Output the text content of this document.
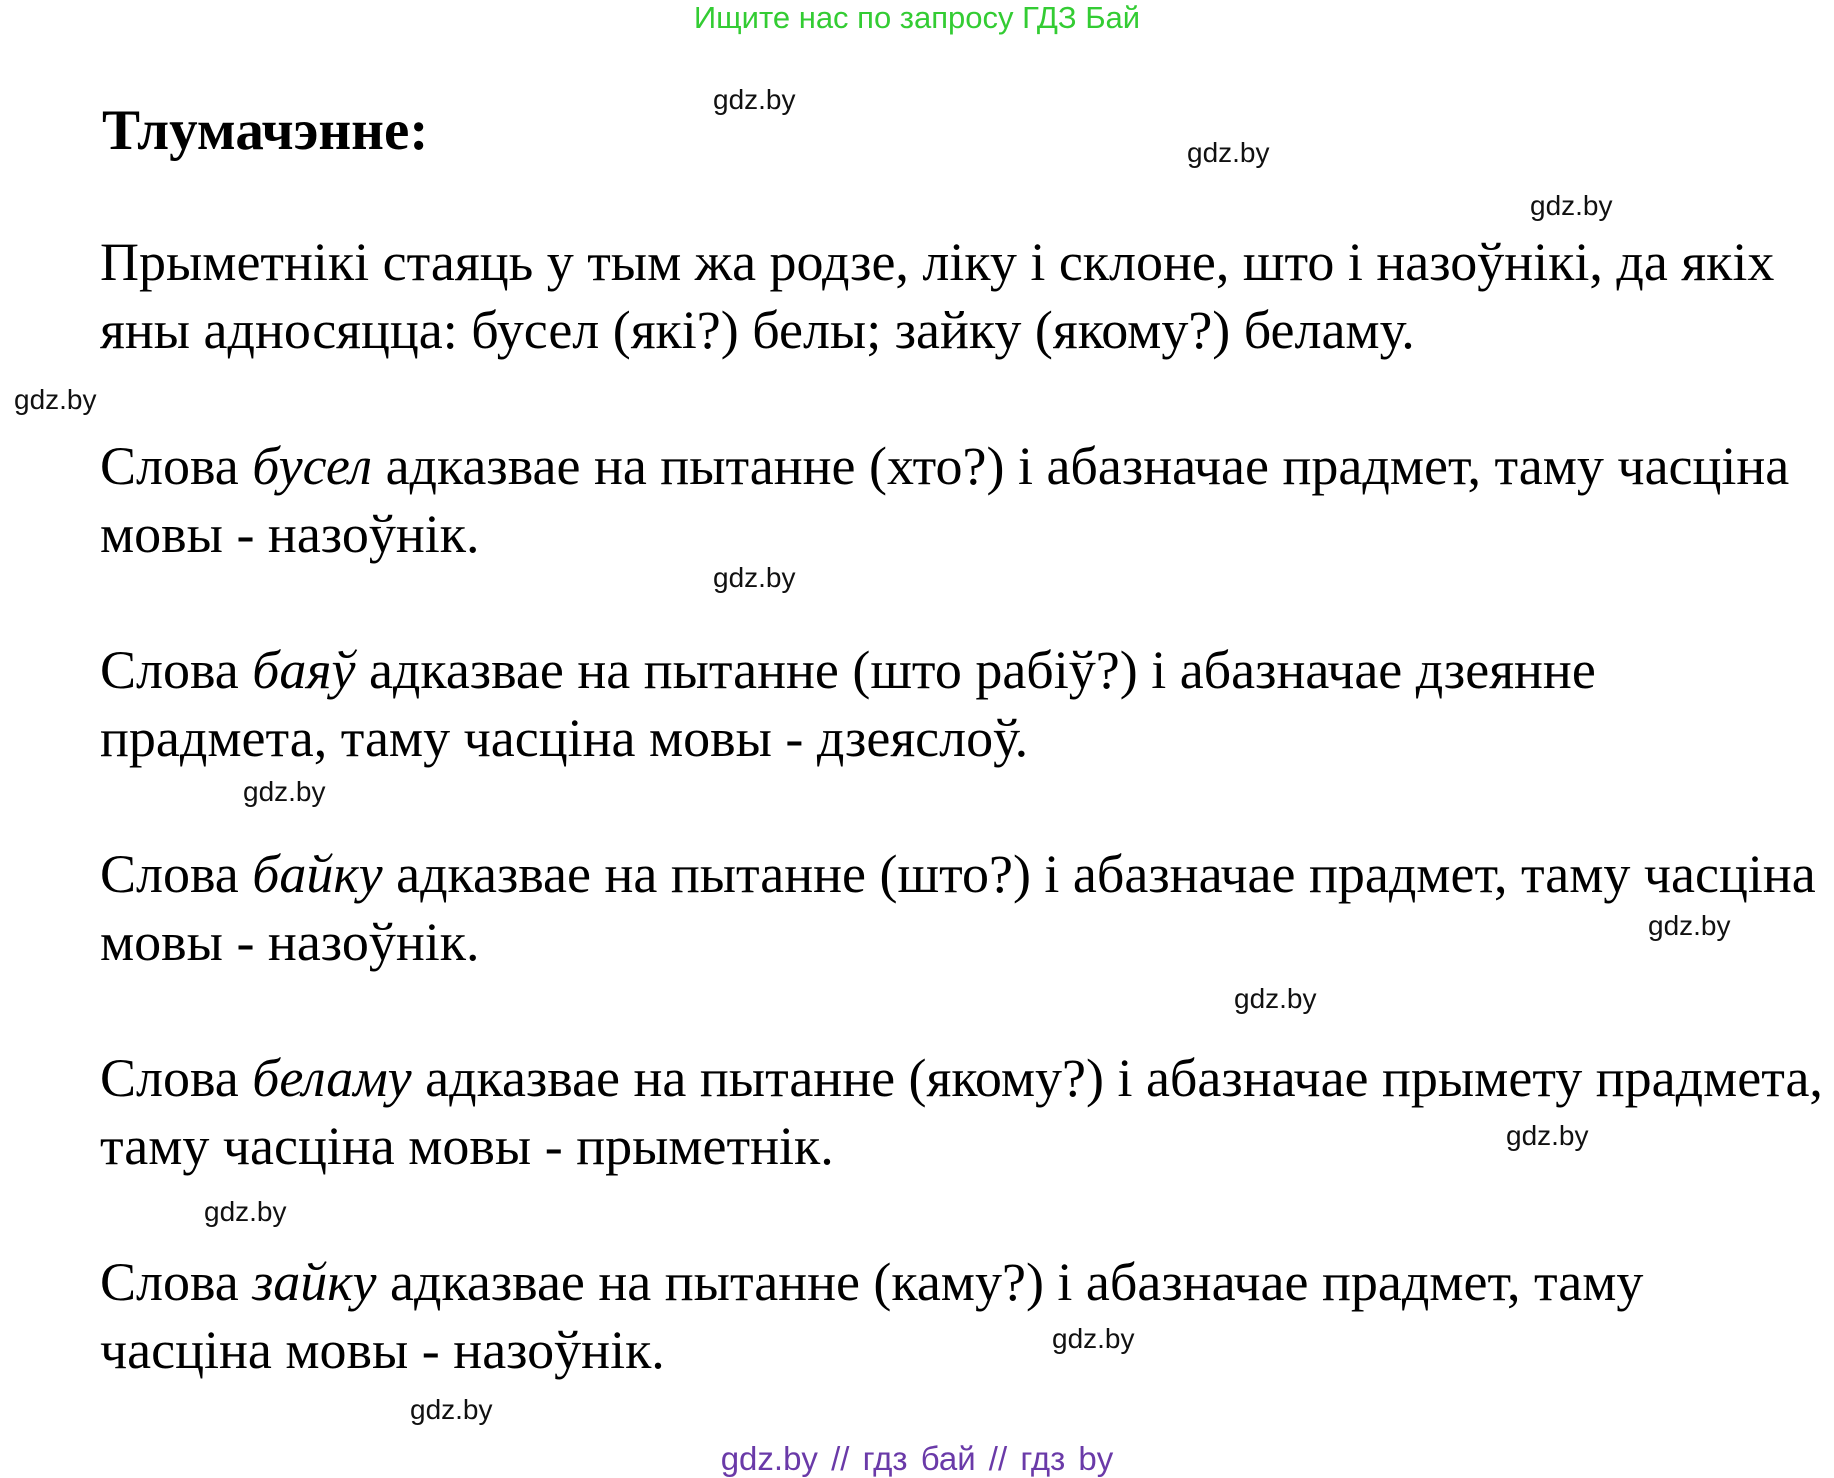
Ищите нас по запросу ГДЗ Бай
Тлумачэнне:

Прыметнікі стаяць у тым жа родзе, ліку і склоне, што і назоўнікі, да якіх яны адносяцца: бусел (які?) белы; зайку (якому?) беламу.

Слова бусел адказвае на пытанне (хто?) і абазначае прадмет, таму часціна мовы - назоўнік.

Слова баяў адказвае на пытанне (што рабіў?) і абазначае дзеянне прадмета, таму часціна мовы - дзеяслоў.

Слова байку адказвае на пытанне (што?) і абазначае прадмет, таму часціна мовы - назоўнік.

Слова беламу адказвае на пытанне (якому?) і абазначае прымету прадмета, таму часціна мовы - прыметнік.

Слова зайку адказвае на пытанне (каму?) і абазначае прадмет, таму часціна мовы - назоўнік.

gdz.by
gdz.by
gdz.by
gdz.by
gdz.by
gdz.by
gdz.by
gdz.by
gdz.by
gdz.by
gdz.by
gdz.by
gdz.by // гдз бай // гдз by
